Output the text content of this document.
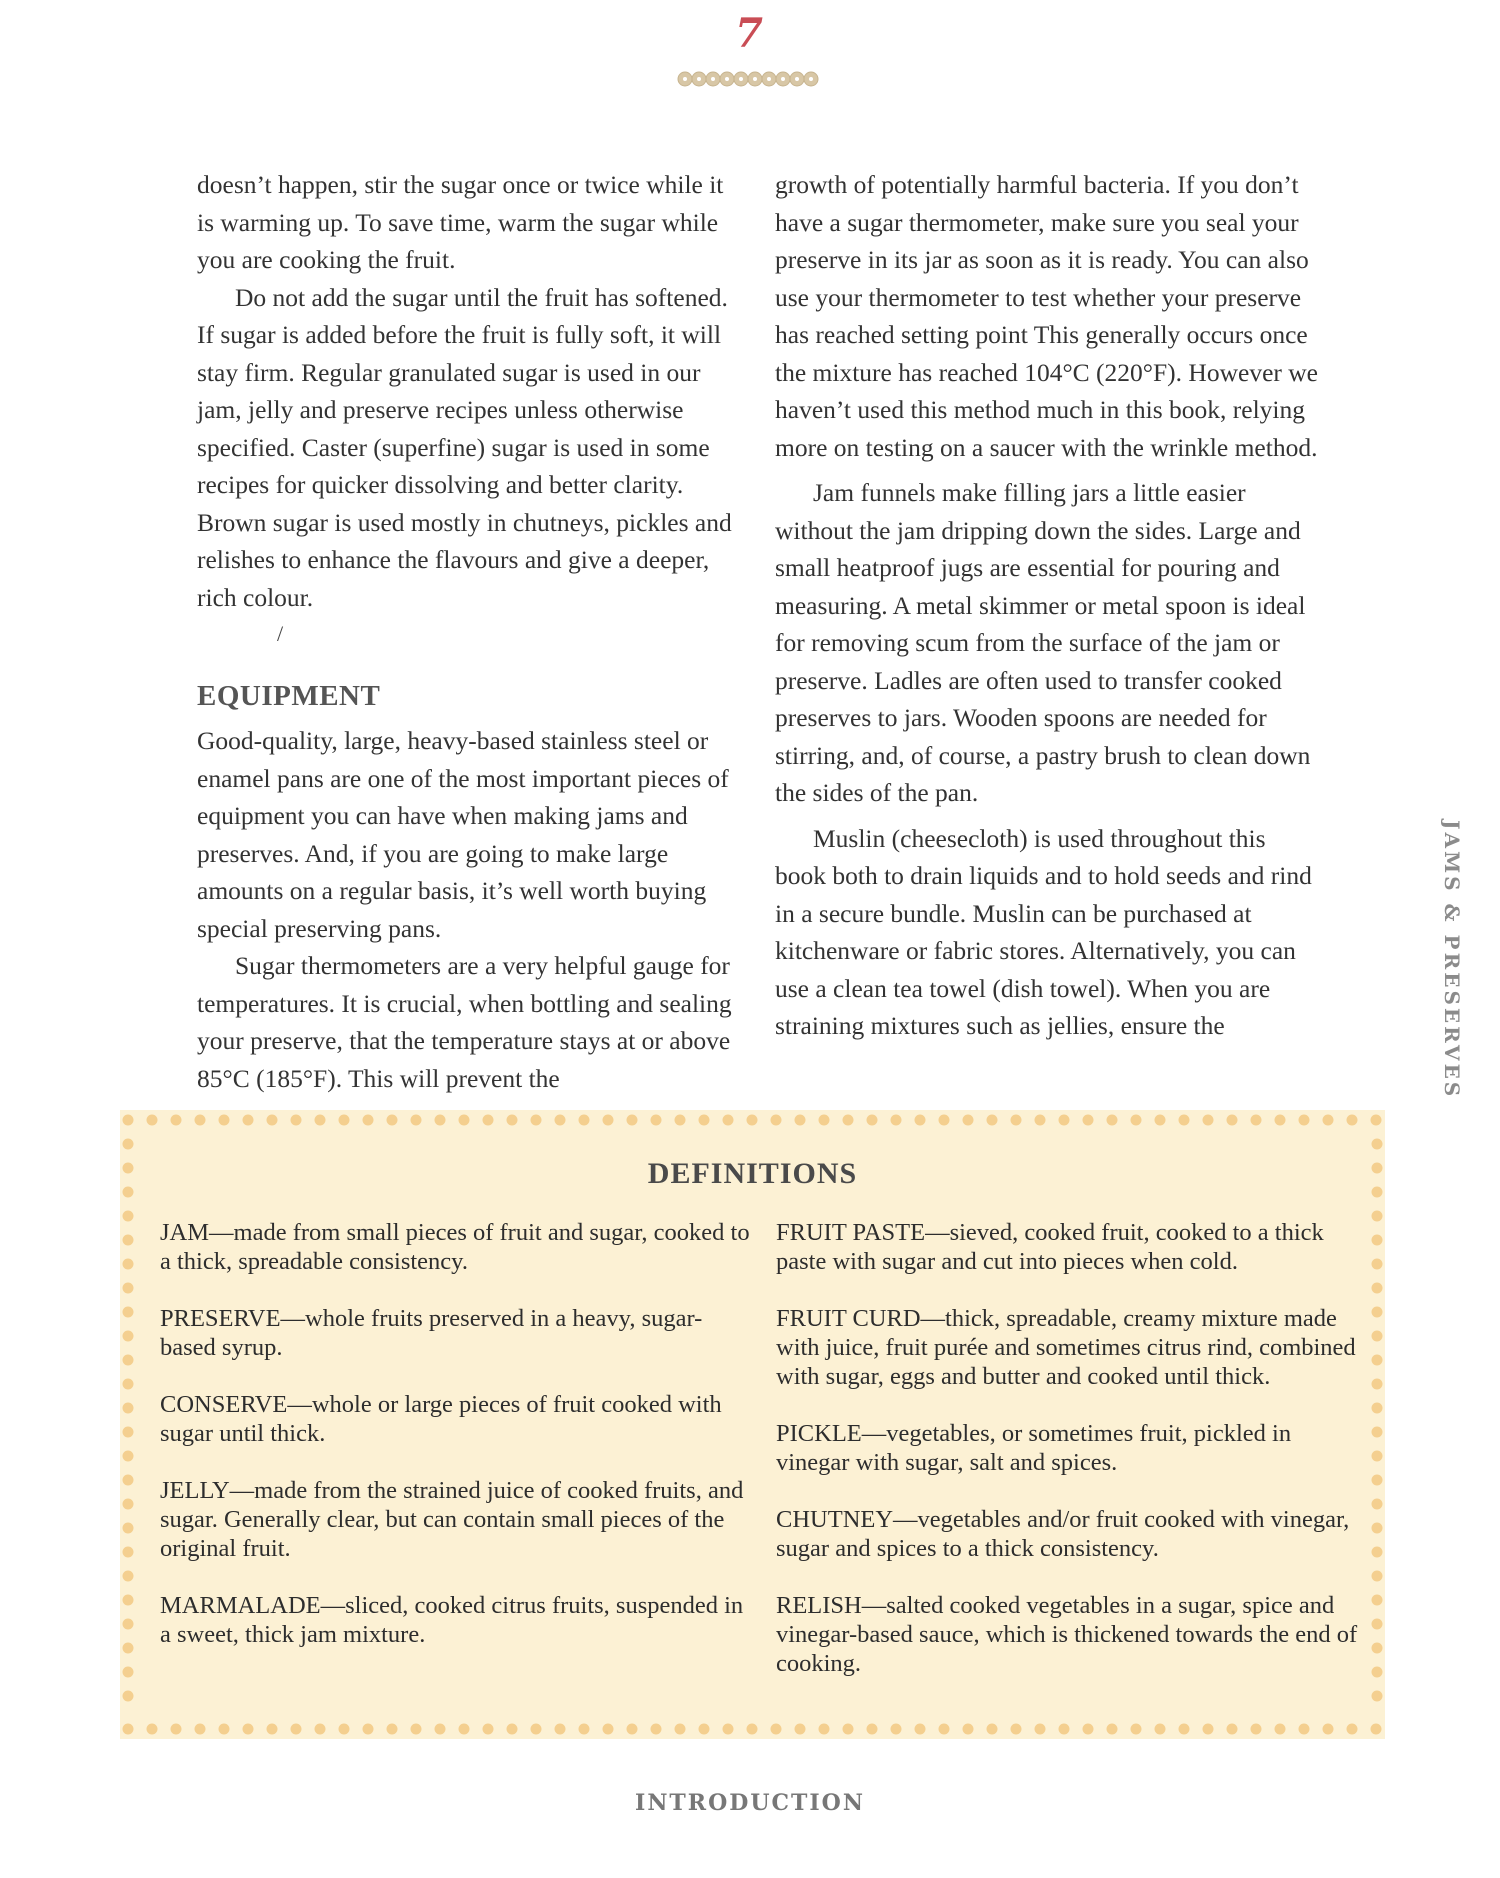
7

doesn’t happen, stir the sugar once or twice while it is warming up. To save time, warm the sugar while you are cooking the fruit.

Do not add the sugar until the fruit has softened. If sugar is added before the fruit is fully soft, it will stay firm. Regular granulated sugar is used in our jam, jelly and preserve recipes unless otherwise specified. Caster (superfine) sugar is used in some recipes for quicker dissolving and better clarity. Brown sugar is used mostly in chutneys, pickles and relishes to enhance the flavours and give a deeper, rich colour.

/
EQUIPMENT

Good-quality, large, heavy-based stainless steel or enamel pans are one of the most important pieces of equipment you can have when making jams and preserves. And, if you are going to make large amounts on a regular basis, it’s well worth buying special preserving pans.

Sugar thermometers are a very helpful gauge for temperatures. It is crucial, when bottling and sealing your preserve, that the temperature stays at or above 85°C (185°F). This will prevent the

growth of potentially harmful bacteria. If you don’t have a sugar thermometer, make sure you seal your preserve in its jar as soon as it is ready. You can also use your thermometer to test whether your preserve has reached setting point This generally occurs once the mixture has reached 104°C (220°F). However we haven’t used this method much in this book, relying more on testing on a saucer with the wrinkle method.

Jam funnels make filling jars a little easier without the jam dripping down the sides. Large and small heatproof jugs are essential for pouring and measuring. A metal skimmer or metal spoon is ideal for removing scum from the surface of the jam or preserve. Ladles are often used to transfer cooked preserves to jars. Wooden spoons are needed for stirring, and, of course, a pastry brush to clean down the sides of the pan.

Muslin (cheesecloth) is used throughout this book both to drain liquids and to hold seeds and rind in a secure bundle. Muslin can be purchased at kitchenware or fabric stores. Alternatively, you can use a clean tea towel (dish towel). When you are straining mixtures such as jellies, ensure the	JAMS & PRESERVES
DEFINITIONS

JAM—made from small pieces of fruit and sugar, cooked to a thick, spreadable consistency.

PRESERVE—whole fruits preserved in a heavy, sugar-based syrup.

CONSERVE—whole or large pieces of fruit cooked with sugar until thick.

JELLY—made from the strained juice of cooked fruits, and sugar. Generally clear, but can contain small pieces of the original fruit.

MARMALADE—sliced, cooked citrus fruits, suspended in a sweet, thick jam mixture.

FRUIT PASTE—sieved, cooked fruit, cooked to a thick paste with sugar and cut into pieces when cold.

FRUIT CURD—thick, spreadable, creamy mixture made with juice, fruit purée and sometimes citrus rind, combined with sugar, eggs and butter and cooked until thick.

PICKLE—vegetables, or sometimes fruit, pickled in vinegar with sugar, salt and spices.

CHUTNEY—vegetables and/or fruit cooked with vinegar, sugar and spices to a thick consistency.

RELISH—salted cooked vegetables in a sugar, spice and vinegar-based sauce, which is thickened towards the end of cooking.

INTRODUCTION
